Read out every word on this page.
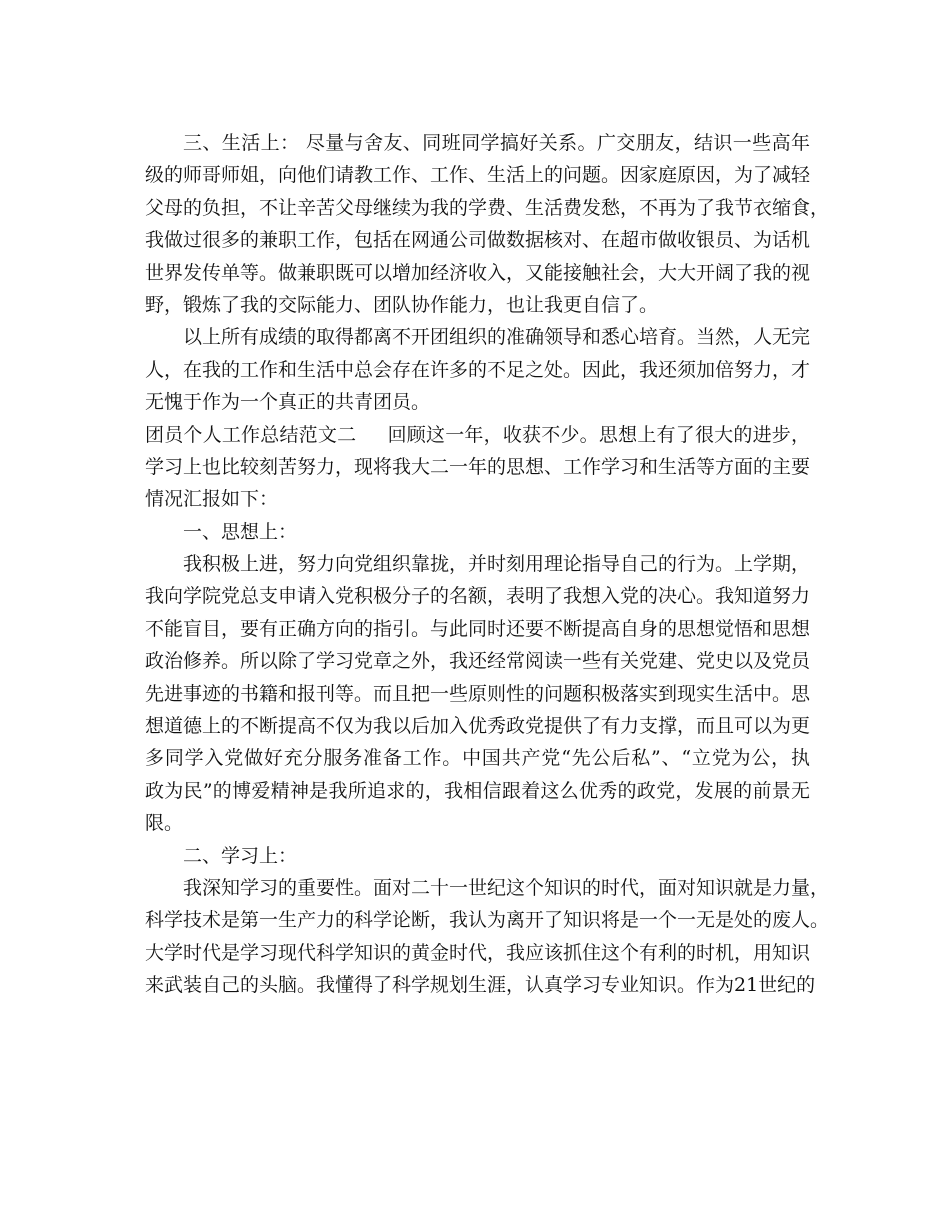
三、生活上： 尽量与舍友、同班同学搞好关系。广交朋友，结识一些高年
级的师哥师姐，向他们请教工作、工作、生活上的问题。因家庭原因，为了减轻
父母的负担，不让辛苦父母继续为我的学费、生活费发愁，不再为了我节衣缩食，
我做过很多的兼职工作，包括在网通公司做数据核对、在超市做收银员、为话机
世界发传单等。做兼职既可以增加经济收入，又能接触社会，大大开阔了我的视
野，锻炼了我的交际能力、团队协作能力，也让我更自信了。
以上所有成绩的取得都离不开团组织的准确领导和悉心培育。当然，人无完
人，在我的工作和生活中总会存在许多的不足之处。因此，我还须加倍努力，才
无愧于作为一个真正的共青团员。
团员个人工作总结范文二     回顾这一年，收获不少。思想上有了很大的进步，
学习上也比较刻苦努力，现将我大二一年的思想、工作学习和生活等方面的主要
情况汇报如下：
一、思想上：
我积极上进，努力向党组织靠拢，并时刻用理论指导自己的行为。上学期，
我向学院党总支申请入党积极分子的名额，表明了我想入党的决心。我知道努力
不能盲目，要有正确方向的指引。与此同时还要不断提高自身的思想觉悟和思想
政治修养。所以除了学习党章之外，我还经常阅读一些有关党建、党史以及党员
先进事迹的书籍和报刊等。而且把一些原则性的问题积极落实到现实生活中。思
想道德上的不断提高不仅为我以后加入优秀政党提供了有力支撑，而且可以为更
多同学入党做好充分服务准备工作。中国共产党“先公后私”、“立党为公，执
政为民”的博爱精神是我所追求的，我相信跟着这么优秀的政党，发展的前景无
限。
二、学习上：
我深知学习的重要性。面对二十一世纪这个知识的时代，面对知识就是力量，
科学技术是第一生产力的科学论断，我认为离开了知识将是一个一无是处的废人。
大学时代是学习现代科学知识的黄金时代，我应该抓住这个有利的时机，用知识
来武装自己的头脑。我懂得了科学规划生涯，认真学习专业知识。作为21世纪的
